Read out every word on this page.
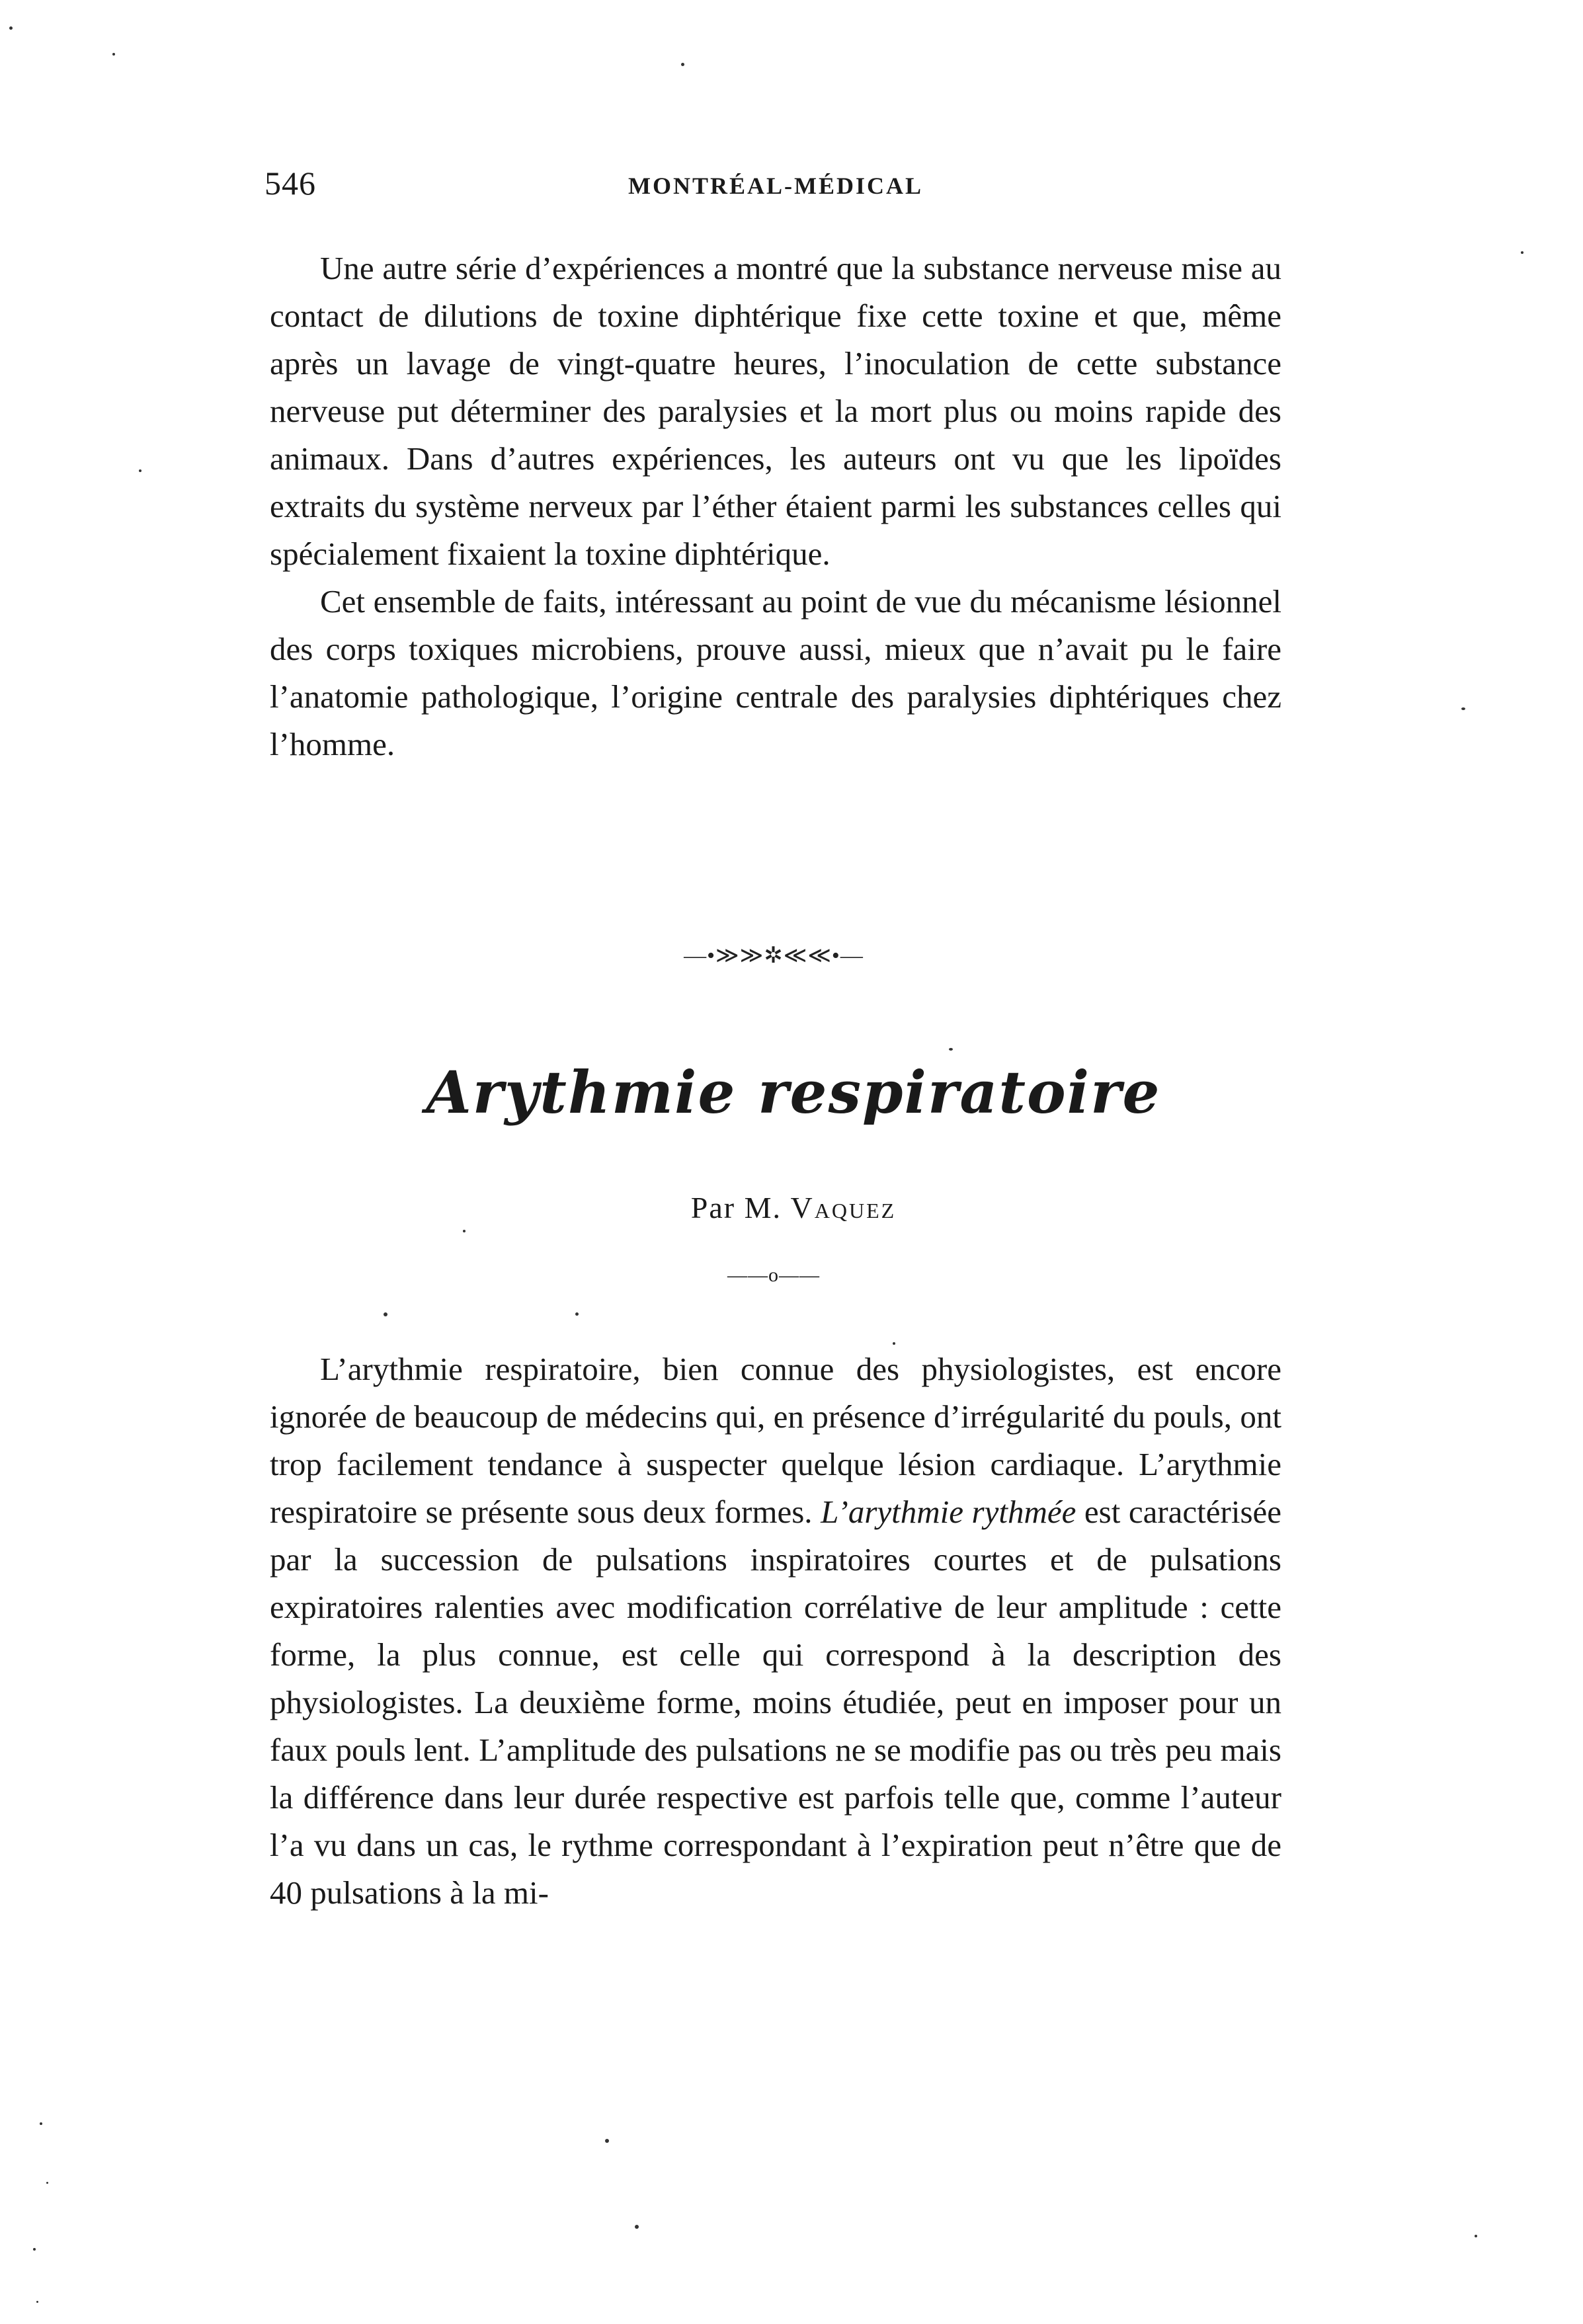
546	MONTRÉAL-MÉDICAL

Une autre série d’expériences a montré que la substance nerveuse mise au contact de dilutions de toxine diphtérique fixe cette toxine et que, même après un lavage de vingt-quatre heures, l’inoculation de cette substance nerveuse put déterminer des paralysies et la mort plus ou moins rapide des animaux. Dans d’autres expériences, les auteurs ont vu que les lipoïdes extraits du système nerveux par l’éther étaient parmi les substances celles qui spécialement fixaient la toxine diphtérique.

Cet ensemble de faits, intéressant au point de vue du mécanisme lésionnel des corps toxiques microbiens, prouve aussi, mieux que n’avait pu le faire l’anatomie pathologique, l’origine centrale des paralysies diphtériques chez l’homme.

—•≫≫✲≪≪•—
Arythmie respiratoire
Par M. Vaquez
——o——

L’arythmie respiratoire, bien connue des physiologistes, est encore ignorée de beaucoup de médecins qui, en présence d’irrégularité du pouls, ont trop facilement tendance à suspecter quelque lésion cardiaque. L’arythmie respiratoire se présente sous deux formes. L’arythmie rythmée est caractérisée par la succession de pulsations inspiratoires courtes et de pulsations expiratoires ralenties avec modification corrélative de leur amplitude : cette forme, la plus connue, est celle qui correspond à la description des physiologistes. La deuxième forme, moins étudiée, peut en imposer pour un faux pouls lent. L’amplitude des pulsations ne se modifie pas ou très peu mais la différence dans leur durée respective est parfois telle que, comme l’auteur l’a vu dans un cas, le rythme correspondant à l’expiration peut n’être que de 40 pulsations à la mi-
